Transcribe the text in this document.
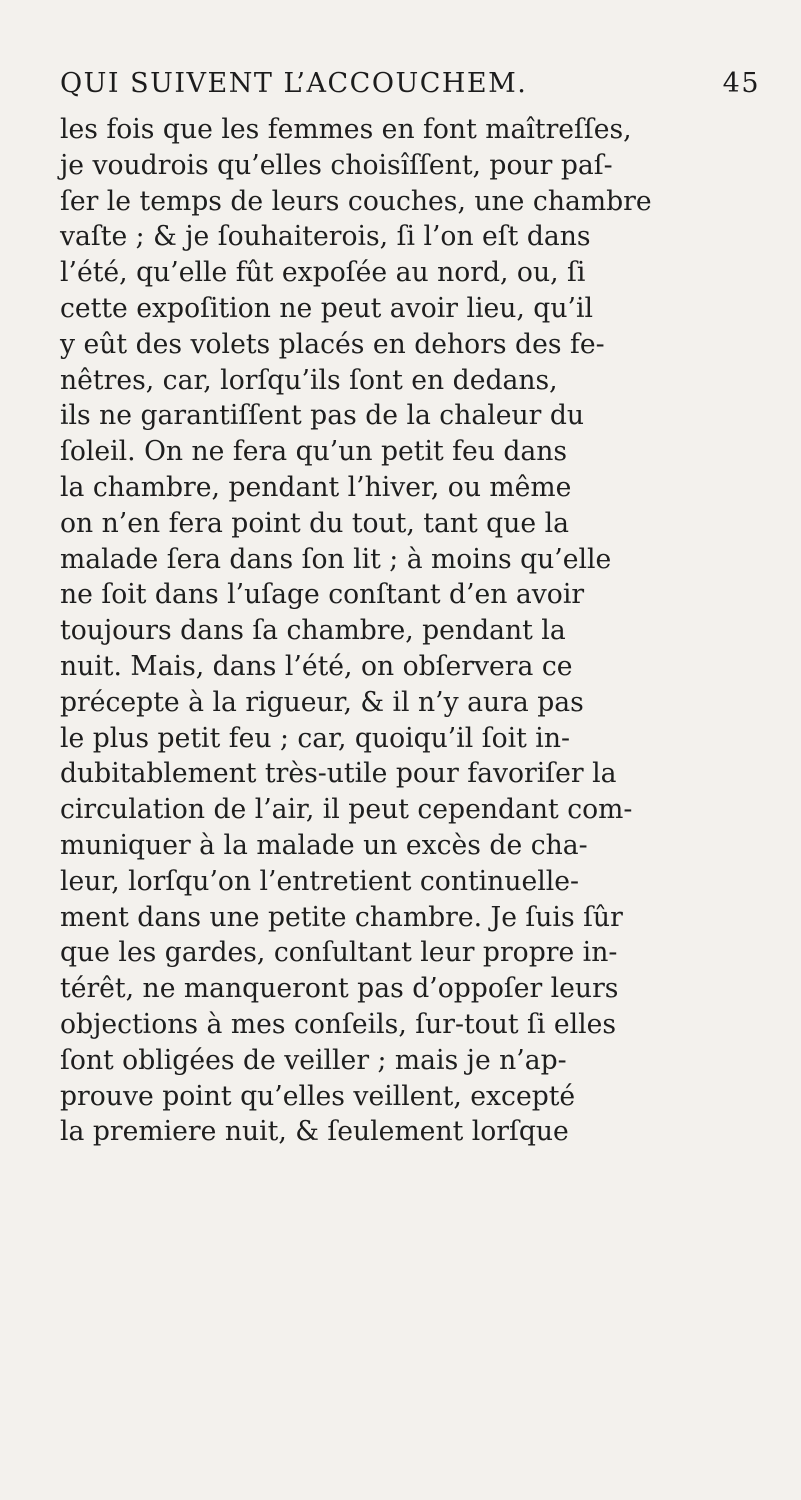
QUI SUIVENT L’ACCOUCHEM.	45
les fois que les femmes en font maîtreſſes,
je voudrois qu’elles choisîſſent, pour paſ-
ſer le temps de leurs couches, une chambre
vaſte ; & je ſouhaiterois, ſi l’on eſt dans
l’été, qu’elle fût expoſée au nord, ou, ſi
cette expoſition ne peut avoir lieu, qu’il
y eût des volets placés en dehors des fe-
nêtres, car, lorſqu’ils ſont en dedans,
ils ne garantiſſent pas de la chaleur du
ſoleil. On ne fera qu’un petit feu dans
la chambre, pendant l’hiver, ou même
on n’en fera point du tout, tant que la
malade ſera dans ſon lit ; à moins qu’elle
ne ſoit dans l’uſage conſtant d’en avoir
toujours dans ſa chambre, pendant la
nuit. Mais, dans l’été, on obſervera ce
précepte à la rigueur, & il n’y aura pas
le plus petit feu ; car, quoiqu’il ſoit in-
dubitablement très-utile pour favoriſer la
circulation de l’air, il peut cependant com-
muniquer à la malade un excès de cha-
leur, lorſqu’on l’entretient continuelle-
ment dans une petite chambre. Je ſuis ſûr
que les gardes, conſultant leur propre in-
térêt, ne manqueront pas d’oppoſer leurs
objections à mes conſeils, ſur-tout ſi elles
ſont obligées de veiller ; mais je n’ap-
prouve point qu’elles veillent, excepté
la premiere nuit, & ſeulement lorſque
